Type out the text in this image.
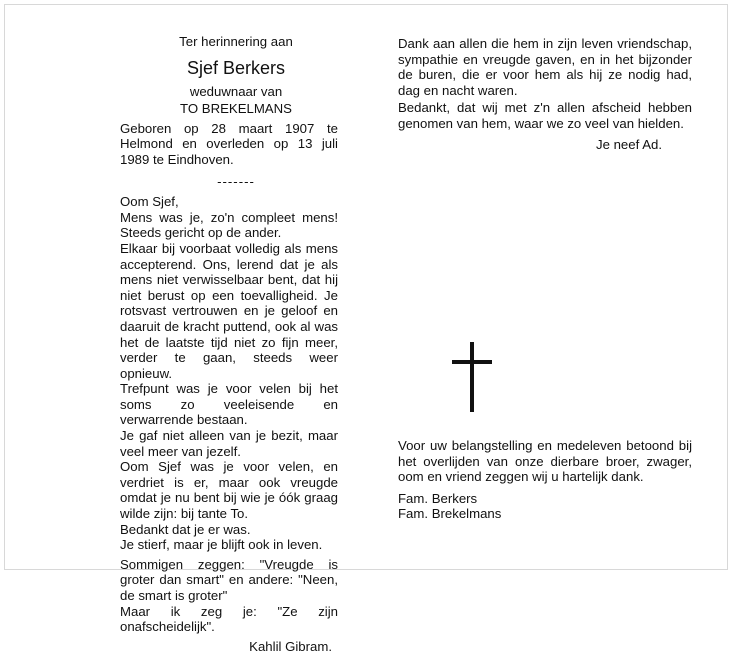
Ter herinnering aan
Sjef Berkers
weduwnaar van
TO BREKELMANS
Geboren op 28 maart 1907 te Helmond en overleden op 13 juli 1989 te Eindhoven.
-------
Oom Sjef,
Mens was je, zo'n compleet mens! Steeds gericht op de ander.
Elkaar bij voorbaat volledig als mens accepterend. Ons, lerend dat je als mens niet verwisselbaar bent, dat hij niet berust op een toevalligheid. Je rotsvast vertrouwen en je geloof en daaruit de kracht puttend, ook al was het de laatste tijd niet zo fijn meer, verder te gaan, steeds weer opnieuw.
Trefpunt was je voor velen bij het soms zo veeleisende en verwarrende bestaan.
Je gaf niet alleen van je bezit, maar veel meer van jezelf.
Oom Sjef was je voor velen, en verdriet is er, maar ook vreugde omdat je nu bent bij wie je óók graag wilde zijn: bij tante To.
Bedankt dat je er was.
Je stierf, maar je blijft ook in leven.
Sommigen zeggen: "Vreugde is groter dan smart" en andere: "Neen, de smart is groter"
Maar ik zeg je: "Ze zijn onafscheidelijk".
Kahlil Gibram.
Dank aan allen die hem in zijn leven vriendschap, sympathie en vreugde gaven, en in het bijzonder de buren, die er voor hem als hij ze nodig had, dag en nacht waren.
Bedankt, dat wij met z'n allen afscheid hebben genomen van hem, waar we zo veel van hielden.
Je neef Ad.
Voor uw belangstelling en medeleven betoond bij het overlijden van onze dierbare broer, zwager, oom en vriend zeggen wij u hartelijk dank.
Fam. Berkers
Fam. Brekelmans
